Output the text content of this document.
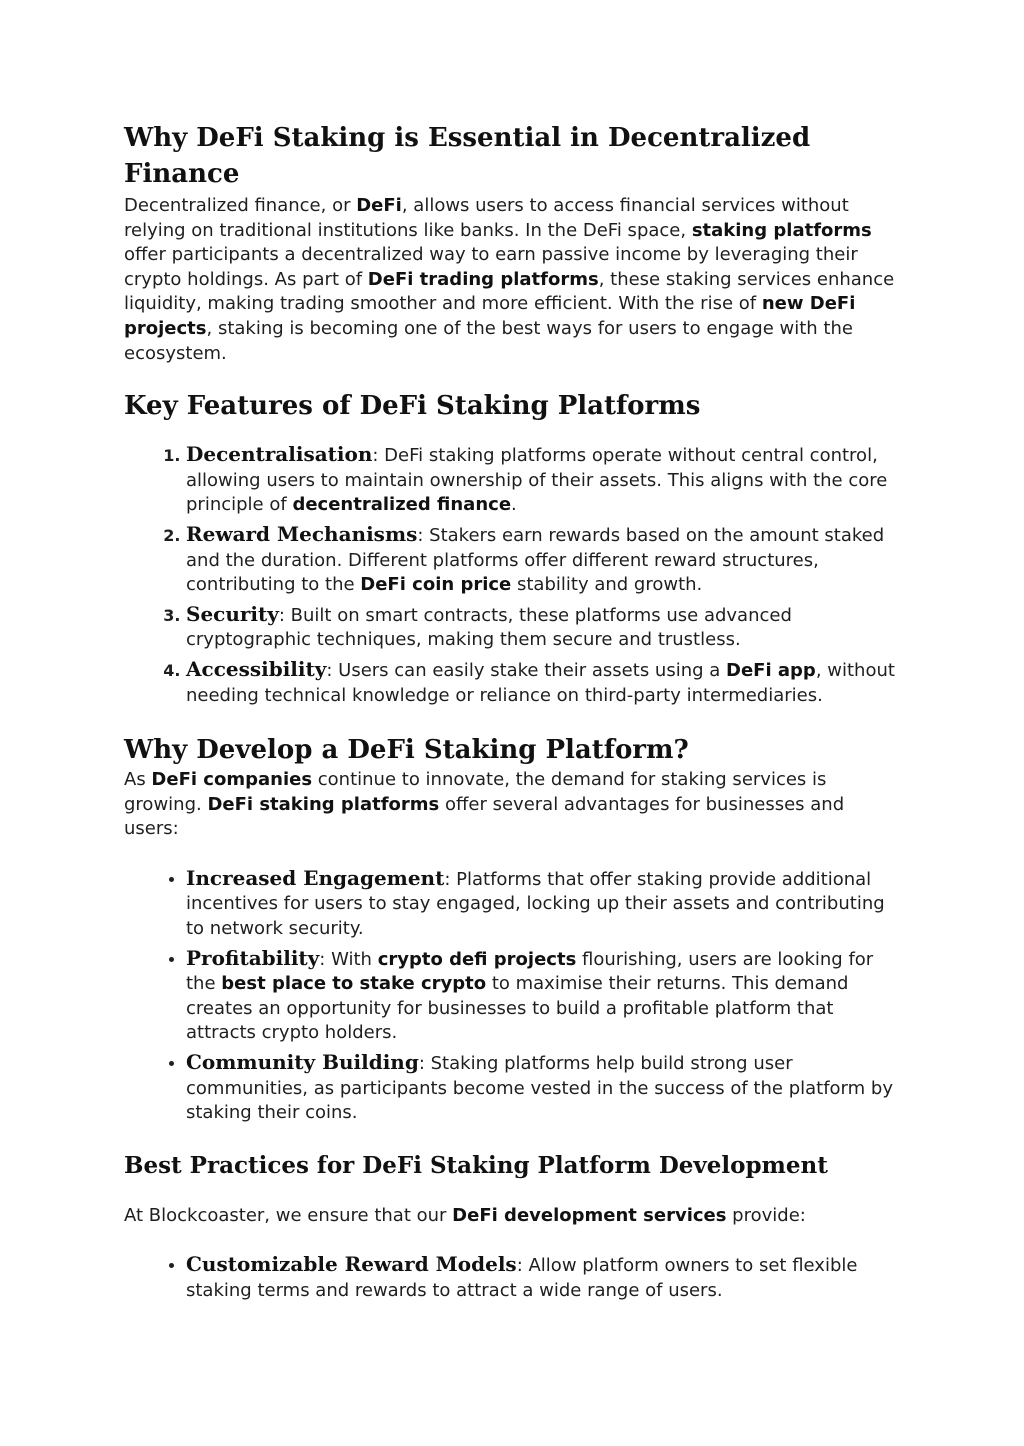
Why DeFi Staking is Essential in Decentralized Finance

Decentralized finance, or DeFi, allows users to access financial services without relying on traditional institutions like banks. In the DeFi space, staking platforms offer participants a decentralized way to earn passive income by leveraging their crypto holdings. As part of DeFi trading platforms, these staking services enhance liquidity, making trading smoother and more efficient. With the rise of new DeFi projects, staking is becoming one of the best ways for users to engage with the ecosystem.

Key Features of DeFi Staking Platforms
1. Decentralisation: DeFi staking platforms operate without central control, allowing users to maintain ownership of their assets. This aligns with the core principle of decentralized finance.
2. Reward Mechanisms: Stakers earn rewards based on the amount staked and the duration. Different platforms offer different reward structures, contributing to the DeFi coin price stability and growth.
3. Security: Built on smart contracts, these platforms use advanced cryptographic techniques, making them secure and trustless.
4. Accessibility: Users can easily stake their assets using a DeFi app, without needing technical knowledge or reliance on third-party intermediaries.
Why Develop a DeFi Staking Platform?

As DeFi companies continue to innovate, the demand for staking services is growing. DeFi staking platforms offer several advantages for businesses and users:

• Increased Engagement: Platforms that offer staking provide additional incentives for users to stay engaged, locking up their assets and contributing to network security.
• Profitability: With crypto defi projects flourishing, users are looking for the best place to stake crypto to maximise their returns. This demand creates an opportunity for businesses to build a profitable platform that attracts crypto holders.
• Community Building: Staking platforms help build strong user communities, as participants become vested in the success of the platform by staking their coins.
Best Practices for DeFi Staking Platform Development

At Blockcoaster, we ensure that our DeFi development services provide:

• Customizable Reward Models: Allow platform owners to set flexible staking terms and rewards to attract a wide range of users.
